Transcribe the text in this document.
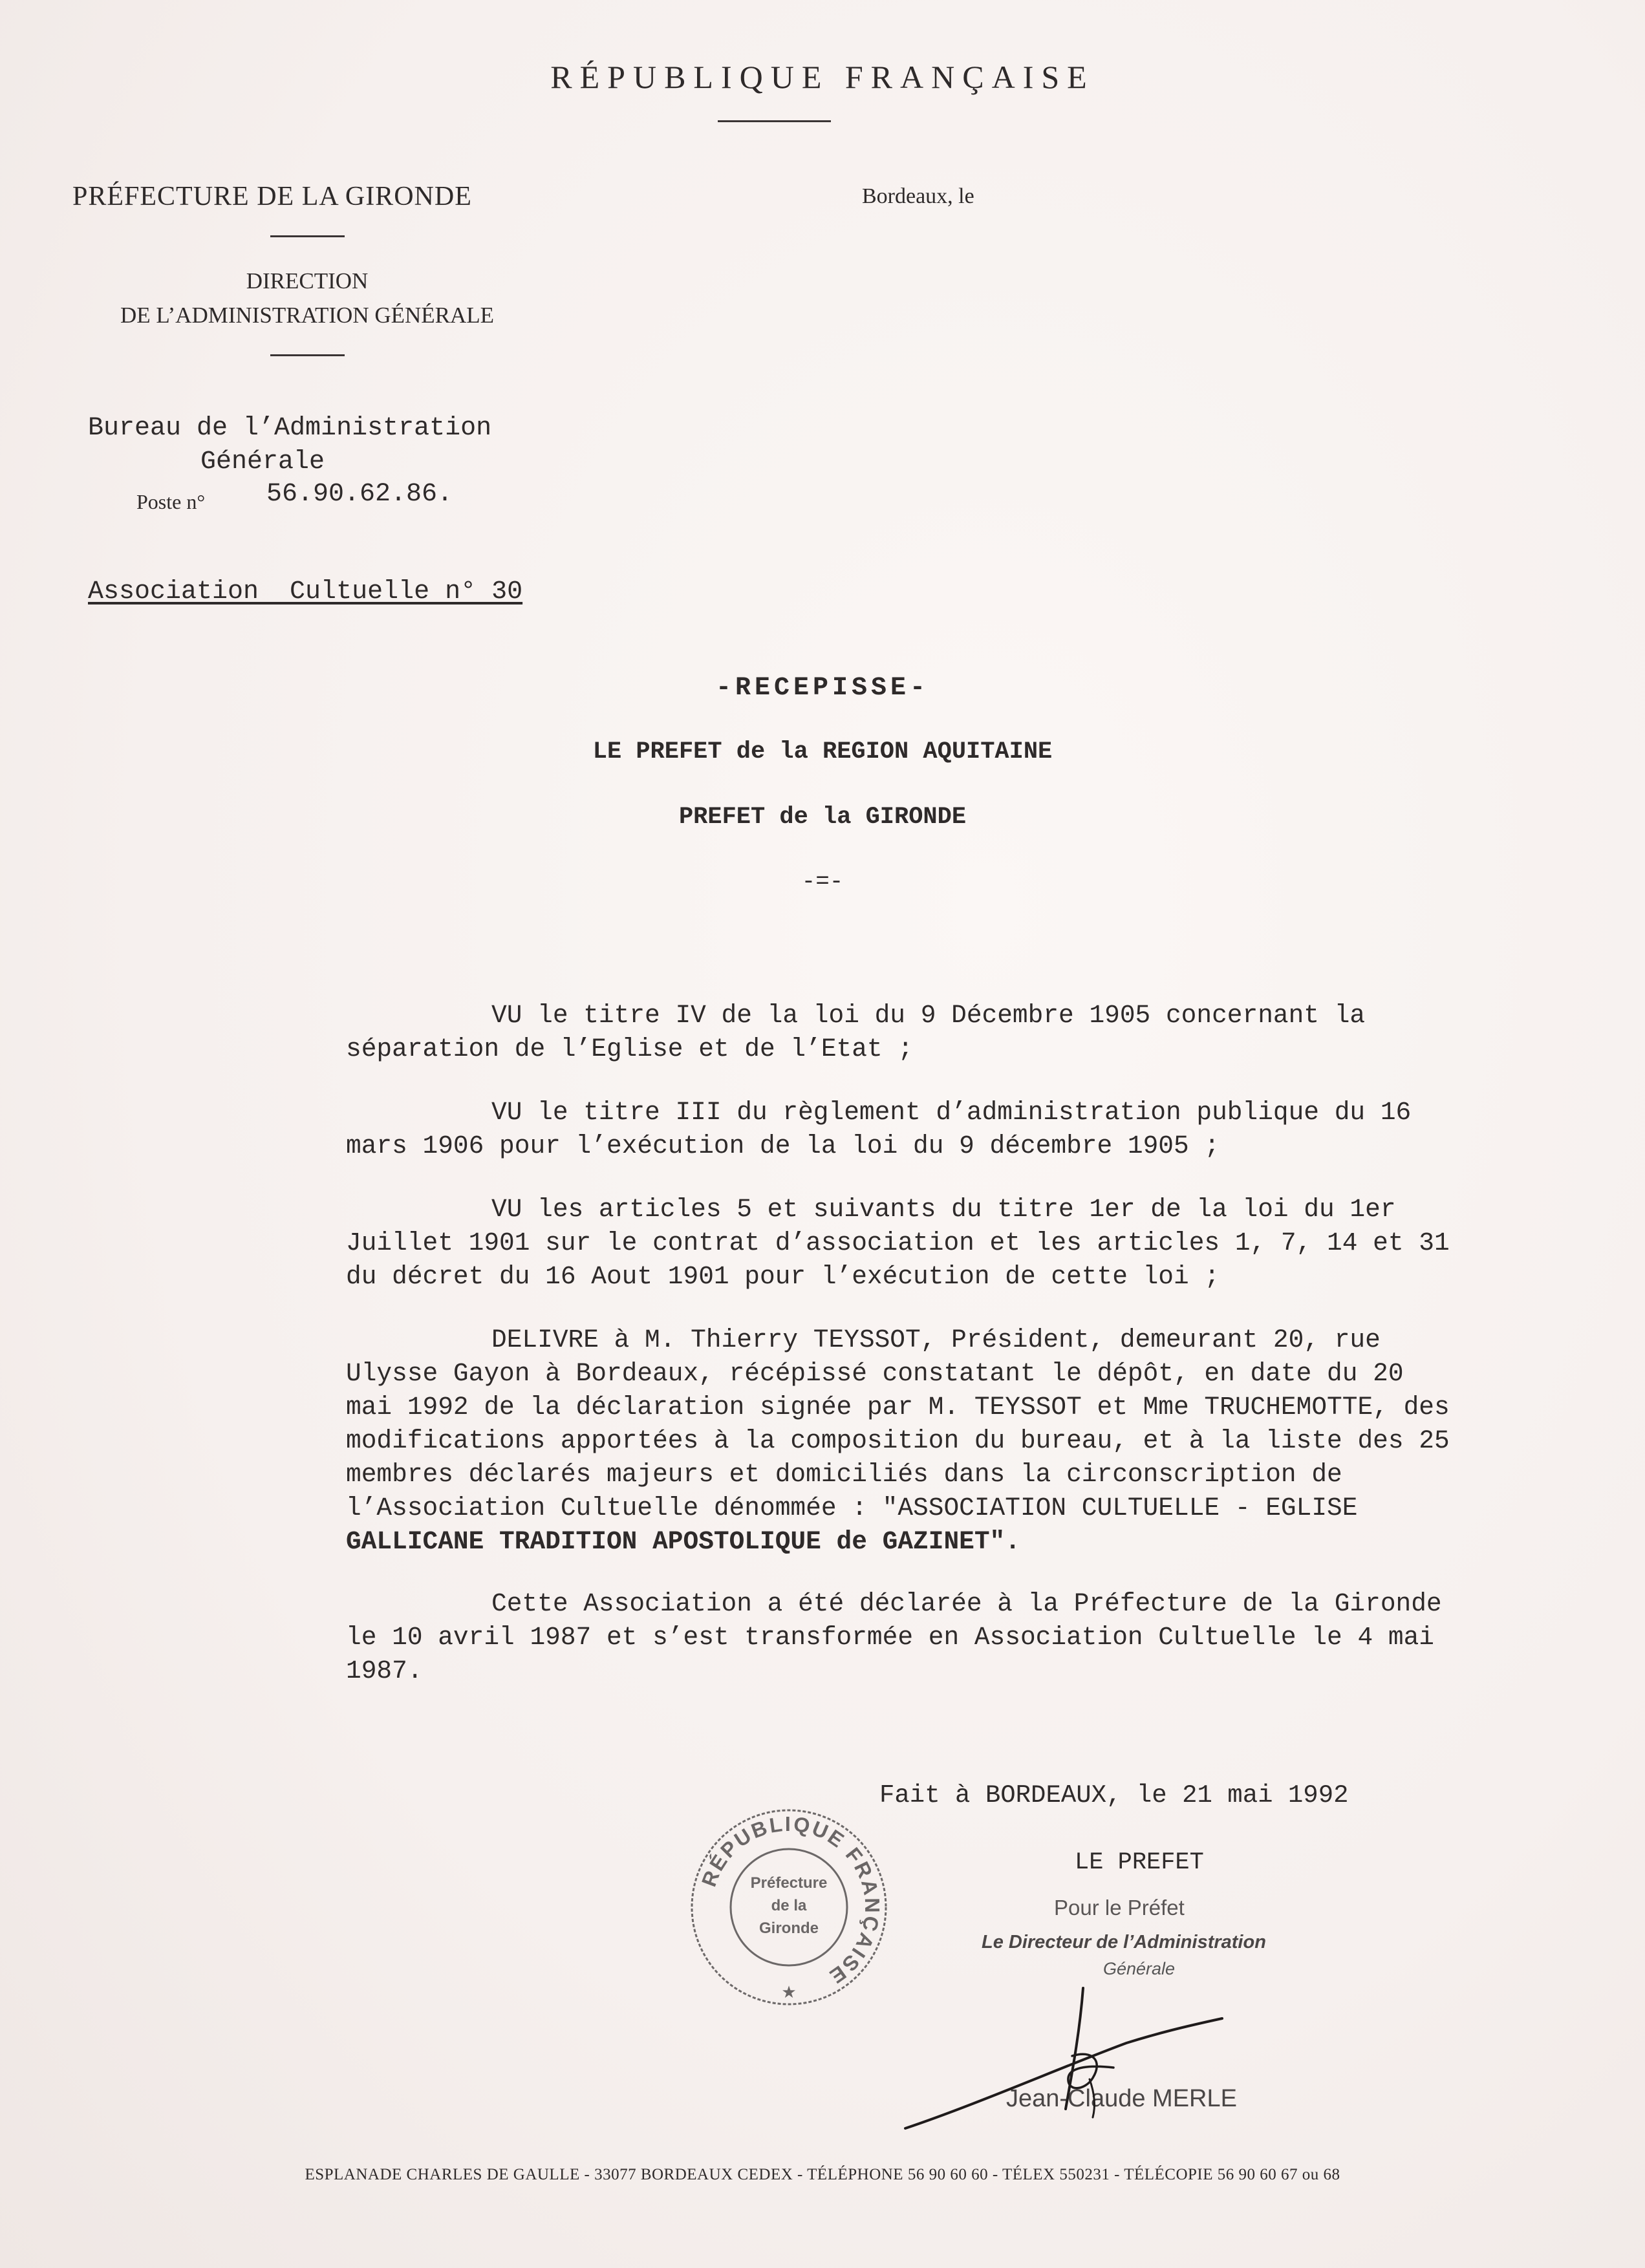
RÉPUBLIQUE FRANÇAISE
PRÉFECTURE DE LA GIRONDE	Bordeaux, le
DIRECTION
DE L’ADMINISTRATION GÉNÉRALE
Bureau de l’Administration
Générale
Poste n° 56.90.62.86.
Association  Cultuelle n° 30
-RECEPISSE-
LE PREFET de la REGION AQUITAINE
PREFET de la GIRONDE
-=-
VU le titre IV de la loi du 9 Décembre 1905 concernant la
séparation de l’Eglise et de l’Etat ;
VU le titre III du règlement d’administration publique du 16
mars 1906 pour l’exécution de la loi du 9 décembre 1905 ;
VU les articles 5 et suivants du titre 1er de la loi du 1er
Juillet 1901 sur le contrat d’association et les articles 1, 7, 14 et 31
du décret du 16 Aout 1901 pour l’exécution de cette loi ;
DELIVRE à M. Thierry TEYSSOT, Président, demeurant 20, rue
Ulysse Gayon à Bordeaux, récépissé constatant le dépôt, en date du 20
mai 1992 de la déclaration signée par M. TEYSSOT et Mme TRUCHEMOTTE, des
modifications apportées à la composition du bureau, et à la liste des 25
membres déclarés majeurs et domiciliés dans la circonscription de
l’Association Cultuelle dénommée : "ASSOCIATION CULTUELLE - EGLISE
GALLICANE TRADITION APOSTOLIQUE de GAZINET".
Cette Association a été déclarée à la Préfecture de la Gironde
le 10 avril 1987 et s’est transformée en Association Cultuelle le 4 mai
1987.
Fait à BORDEAUX, le 21 mai 1992
LE PREFET
RÉPUBLIQUE FRANÇAISE
Préfecture
de la
Gironde
★
Pour le Préfet
Le Directeur de l’Administration
Générale
Jean-Claude MERLE
ESPLANADE CHARLES DE GAULLE - 33077 BORDEAUX CEDEX - TÉLÉPHONE 56 90 60 60 - TÉLEX 550231 - TÉLÉCOPIE 56 90 60 67 ou 68
